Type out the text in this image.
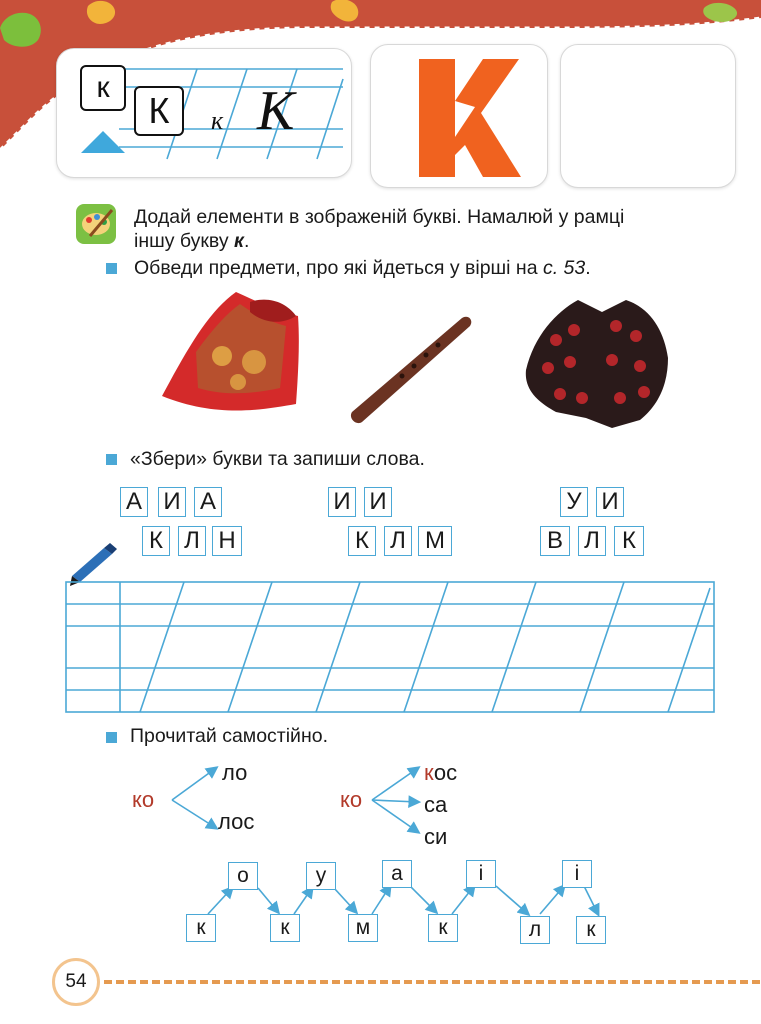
к К
к
К
Додай елементи в зображеній букві. Намалюй у рамці
іншу букву к.
Обведи предмети, про які йдеться у вірші на с. 53.
«Збери» букви та запиши слова.
А И А
К Л Н
И И
К Л М
У И
В Л К
Прочитай самостійно.
ко
ло
лос
ко
кос
са
си
о	у	а	і	і
к	к	м	к	л	к
54
